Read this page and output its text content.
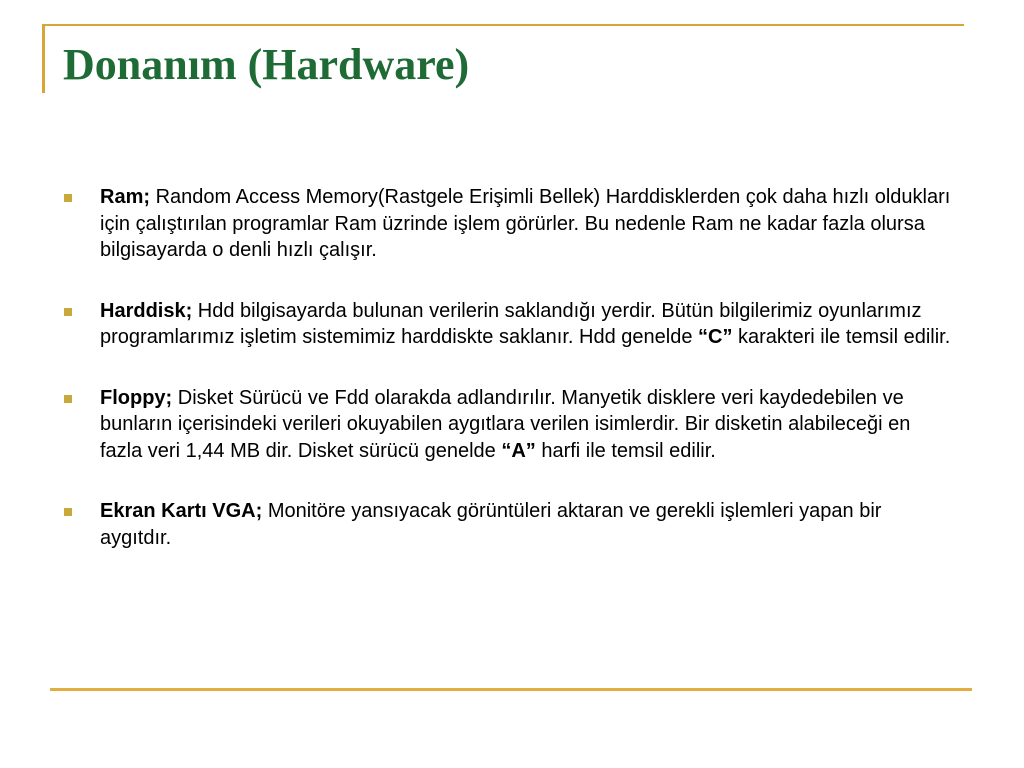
Donanım (Hardware)
Ram; Random Access Memory(Rastgele Erişimli Bellek) Harddisklerden çok daha hızlı oldukları için çalıştırılan programlar Ram üzrinde işlem görürler. Bu nedenle Ram ne kadar fazla olursa bilgisayarda o denli hızlı çalışır.
Harddisk; Hdd bilgisayarda bulunan verilerin saklandığı yerdir. Bütün bilgilerimiz oyunlarımız programlarımız işletim sistemimiz harddiskte saklanır. Hdd genelde “C” karakteri ile temsil edilir.
Floppy; Disket Sürücü ve Fdd olarakda adlandırılır. Manyetik disklere veri kaydedebilen ve bunların içerisindeki verileri okuyabilen aygıtlara verilen isimlerdir. Bir disketin alabileceği en fazla veri 1,44 MB dir. Disket sürücü genelde “A” harfi ile temsil edilir.
Ekran Kartı VGA; Monitöre yansıyacak görüntüleri aktaran ve gerekli işlemleri yapan bir aygıtdır.
